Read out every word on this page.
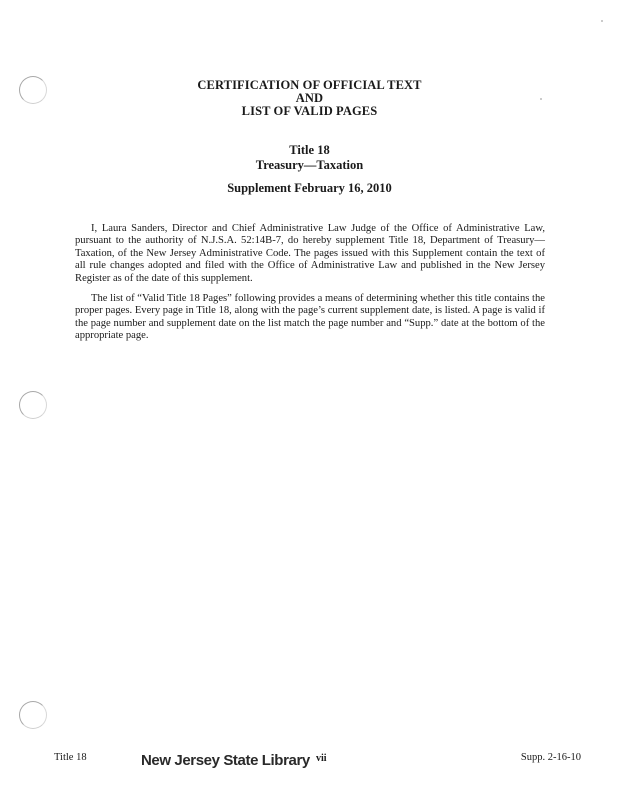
CERTIFICATION OF OFFICIAL TEXT
AND
LIST OF VALID PAGES
Title 18
Treasury—Taxation
Supplement February 16, 2010

I, Laura Sanders, Director and Chief Administrative Law Judge of the Office of Administrative Law, pursuant to the authority of N.J.S.A. 52:14B-7, do hereby supplement Title 18, Department of Treasury—Taxation, of the New Jersey Administrative Code. The pages issued with this Supplement contain the text of all rule changes adopted and filed with the Office of Administrative Law and published in the New Jersey Register as of the date of this supplement.

The list of “Valid Title 18 Pages” following provides a means of determining whether this title contains the proper pages. Every page in Title 18, along with the page’s current supplement date, is listed. A page is valid if the page number and supplement date on the list match the page number and “Supp.” date at the bottom of the appropriate page.

Title 18	New Jersey State Library vii	Supp. 2-16-10
